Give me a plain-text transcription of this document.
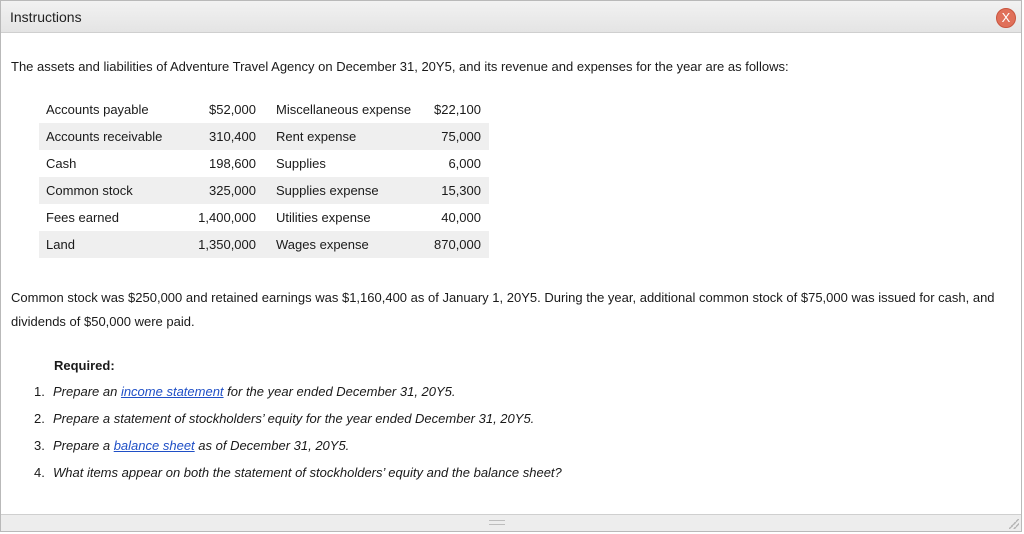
Instructions	X
The assets and liabilities of Adventure Travel Agency on December 31, 20Y5, and its revenue and expenses for the year are as follows:
Accounts payable	$52,000	Miscellaneous expense	$22,100
Accounts receivable	310,400	Rent expense	75,000
Cash	198,600	Supplies	6,000
Common stock	325,000	Supplies expense	15,300
Fees earned	1,400,000	Utilities expense	40,000
Land	1,350,000	Wages expense	870,000
Common stock was $250,000 and retained earnings was $1,160,400 as of January 1, 20Y5. During the year, additional common stock of $75,000 was issued for cash, and dividends of $50,000 were paid.
Required:
1. Prepare an income statement for the year ended December 31, 20Y5.
2. Prepare a statement of stockholders’ equity for the year ended December 31, 20Y5.
3. Prepare a balance sheet as of December 31, 20Y5.
4. What items appear on both the statement of stockholders’ equity and the balance sheet?
